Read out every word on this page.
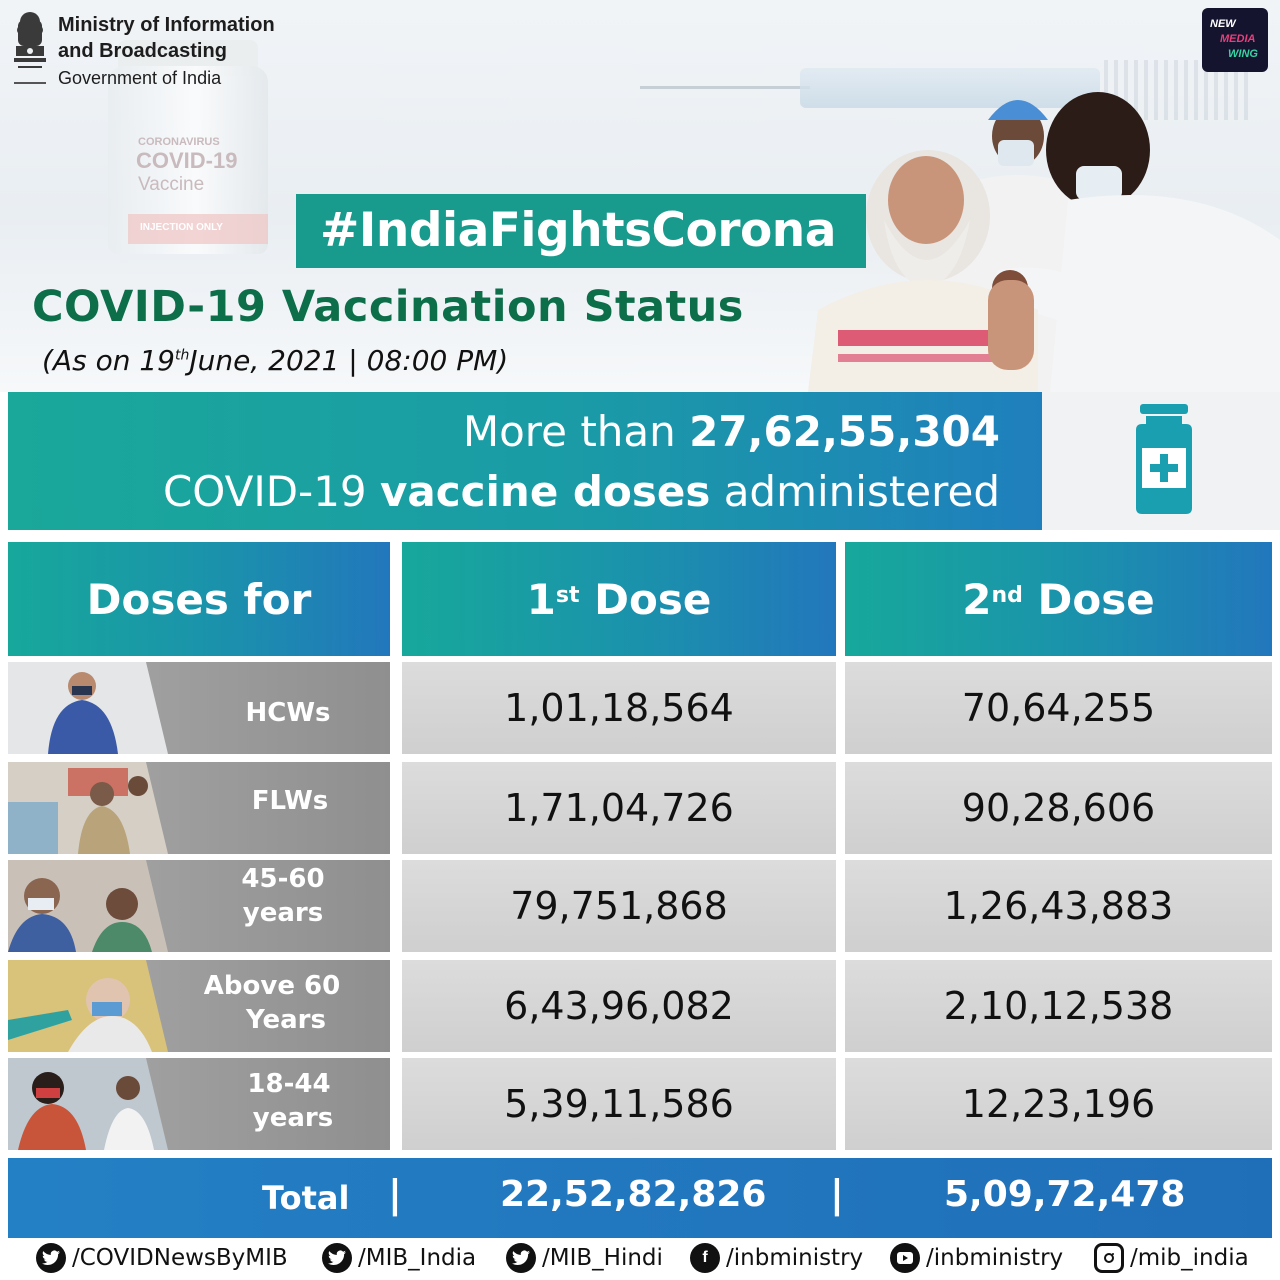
CORONAVIRUS
COVID-19
Vaccine
INJECTION ONLY
Ministry of Information
and Broadcasting
Government of India
NEW
MEDIA
WING
#IndiaFightsCorona
COVID-19 Vaccination Status
(As on 19thJune, 2021 | 08:00 PM)
More than 27,62,55,304
COVID-19 vaccine doses administered
Doses for	1st Dose	2nd Dose
HCWs	1,01,18,564	70,64,255
FLWs	1,71,04,726	90,28,606
45-60
years	79,751,868	1,26,43,883
Above 60
Years	6,43,96,082	2,10,12,538
18-44
years	5,39,11,586	12,23,196
Total |	22,52,82,826 |	5,09,72,478
/COVIDNewsByMIB	/MIB_India	/MIB_Hindi	f /inbministry	/inbministry	/mib_india
